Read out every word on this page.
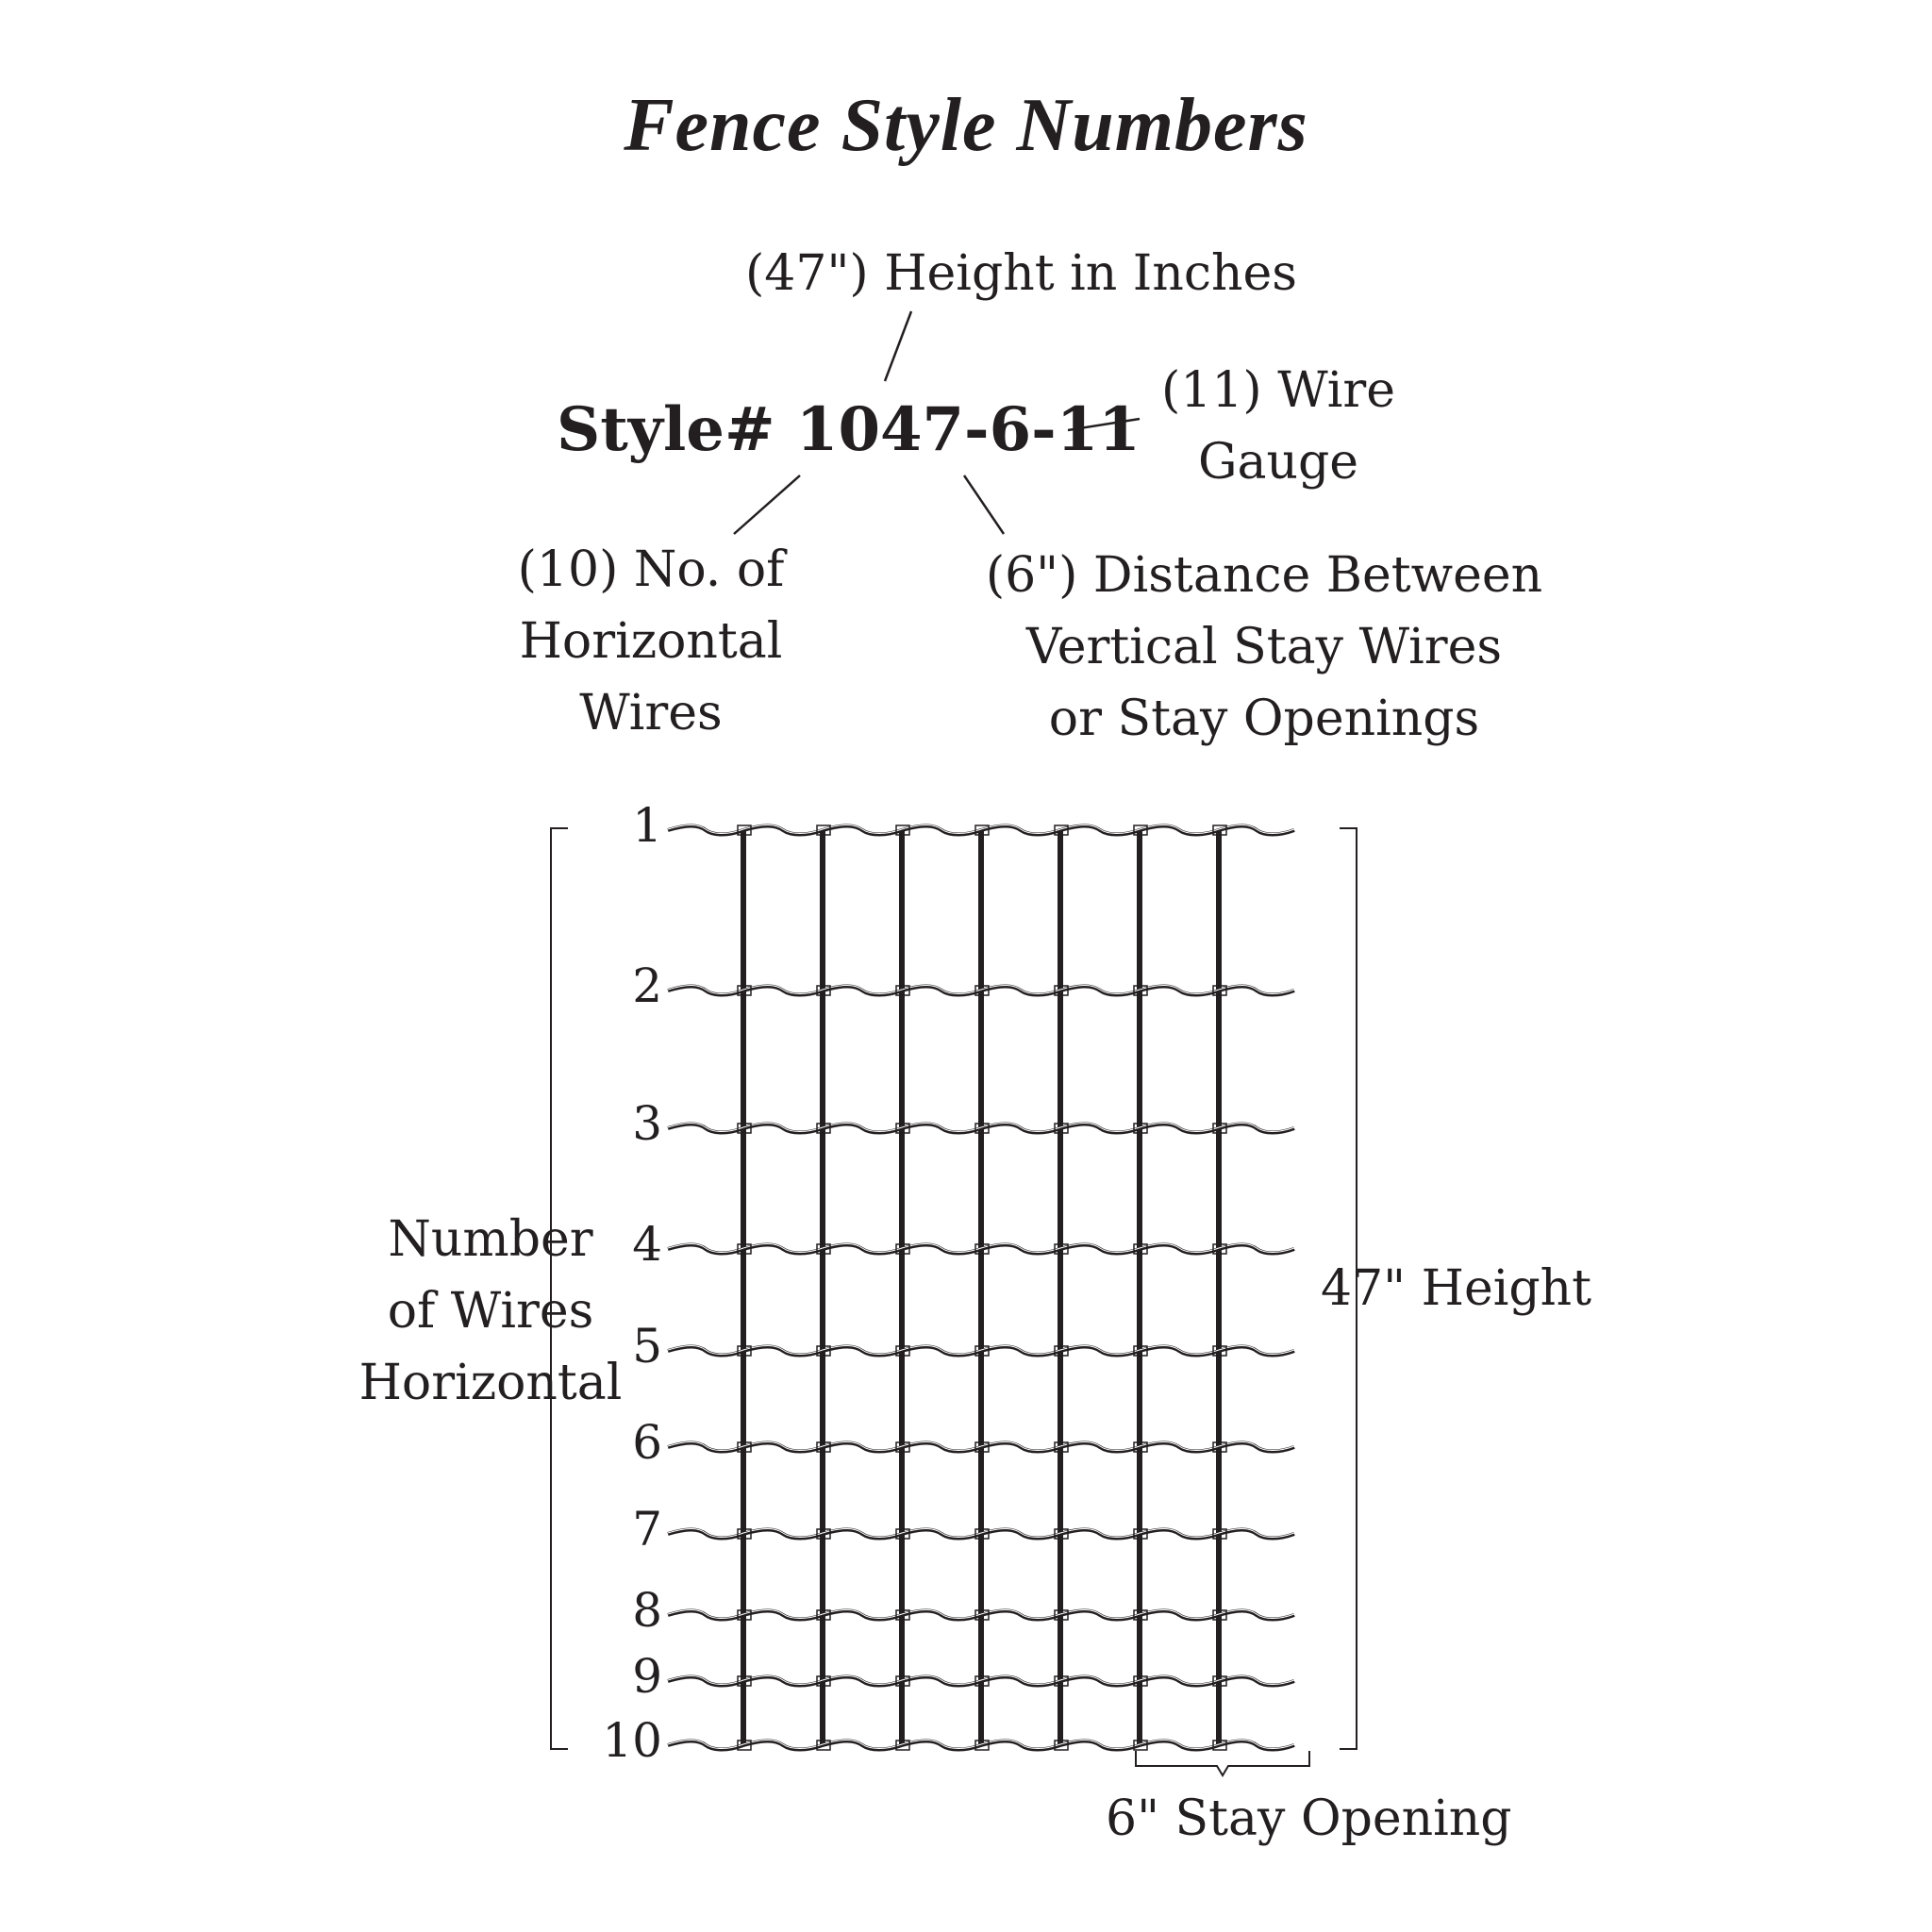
Fence Style Numbers
(47") Height in Inches
Style# 1047-6-11
(11) Wire
Gauge
(10) No. of
Horizontal
Wires
(6") Distance Between
Vertical Stay Wires
or Stay Openings
Number
of Wires
Horizontal
47" Height
6" Stay Opening
1
2
3
4
5
6
7
8
9
10
